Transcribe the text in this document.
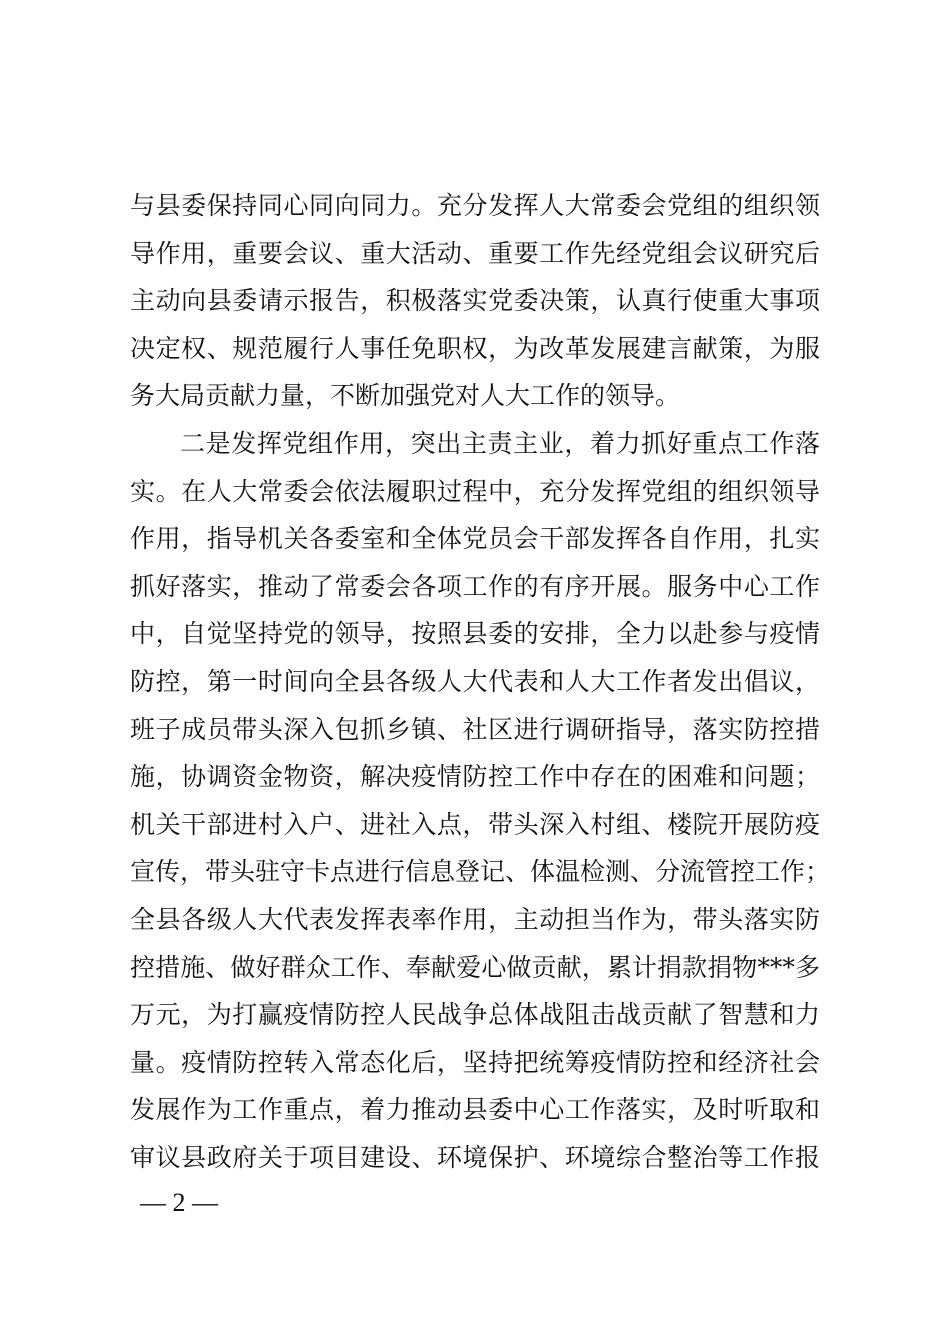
与县委保持同心同向同力。充分发挥人大常委会党组的组织领
导作用，重要会议、重大活动、重要工作先经党组会议研究后
主动向县委请示报告，积极落实党委决策，认真行使重大事项
决定权、规范履行人事任免职权，为改革发展建言献策，为服
务大局贡献力量，不断加强党对人大工作的领导。
二是发挥党组作用，突出主责主业，着力抓好重点工作落
实。在人大常委会依法履职过程中，充分发挥党组的组织领导
作用，指导机关各委室和全体党员会干部发挥各自作用，扎实
抓好落实，推动了常委会各项工作的有序开展。服务中心工作
中，自觉坚持党的领导，按照县委的安排，全力以赴参与疫情
防控，第一时间向全县各级人大代表和人大工作者发出倡议，
班子成员带头深入包抓乡镇、社区进行调研指导，落实防控措
施，协调资金物资，解决疫情防控工作中存在的困难和问题；
机关干部进村入户、进社入点，带头深入村组、楼院开展防疫
宣传，带头驻守卡点进行信息登记、体温检测、分流管控工作；
全县各级人大代表发挥表率作用，主动担当作为，带头落实防
控措施、做好群众工作、奉献爱心做贡献，累计捐款捐物***多
万元，为打赢疫情防控人民战争总体战阻击战贡献了智慧和力
量。疫情防控转入常态化后，坚持把统筹疫情防控和经济社会
发展作为工作重点，着力推动县委中心工作落实，及时听取和
审议县政府关于项目建设、环境保护、环境综合整治等工作报
— 2 —
